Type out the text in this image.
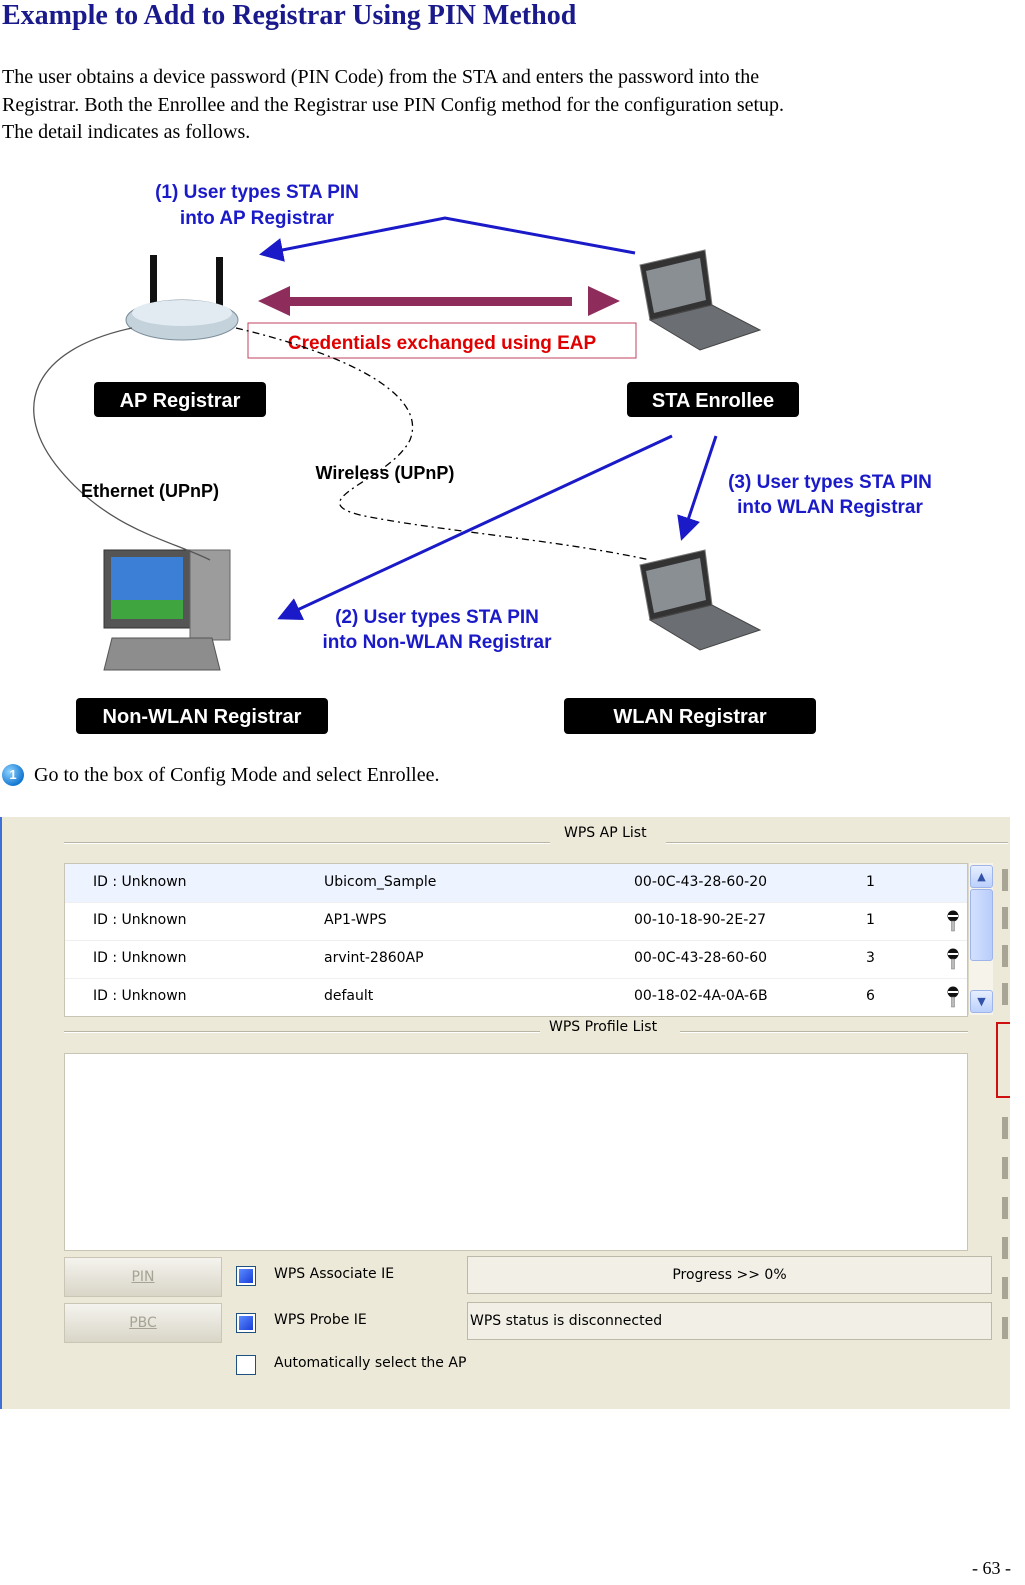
Example to Add to Registrar Using PIN Method

The user obtains a device password (PIN Code) from the STA and enters the password into the

Registrar. Both the Enrollee and the Registrar use PIN Config method for the configuration setup.

The detail indicates as follows.

(1) User types STA PIN
into AP Registrar
Credentials exchanged using EAP
AP Registrar	STA Enrollee
Ethernet (UPnP)
Wireless (UPnP)	(3) User types STA PIN
into WLAN Registrar
(2) User types STA PIN
into Non-WLAN Registrar
Non-WLAN Registrar	WLAN Registrar
1 Go to the box of Config Mode and select Enrollee.
WPS AP List
ID : Unknown	Ubicom_Sample	00-0C-43-28-60-20	1
ID : Unknown	AP1-WPS	00-10-18-90-2E-27	1
ID : Unknown	arvint-2860AP	00-0C-43-28-60-60	3
ID : Unknown	default	00-18-02-4A-0A-6B	6
▲
▼
WPS Profile List
PIN
PBC
WPS Associate IE
WPS Probe IE
Automatically select the AP
Progress >> 0%
WPS status is disconnected
- 63 -
